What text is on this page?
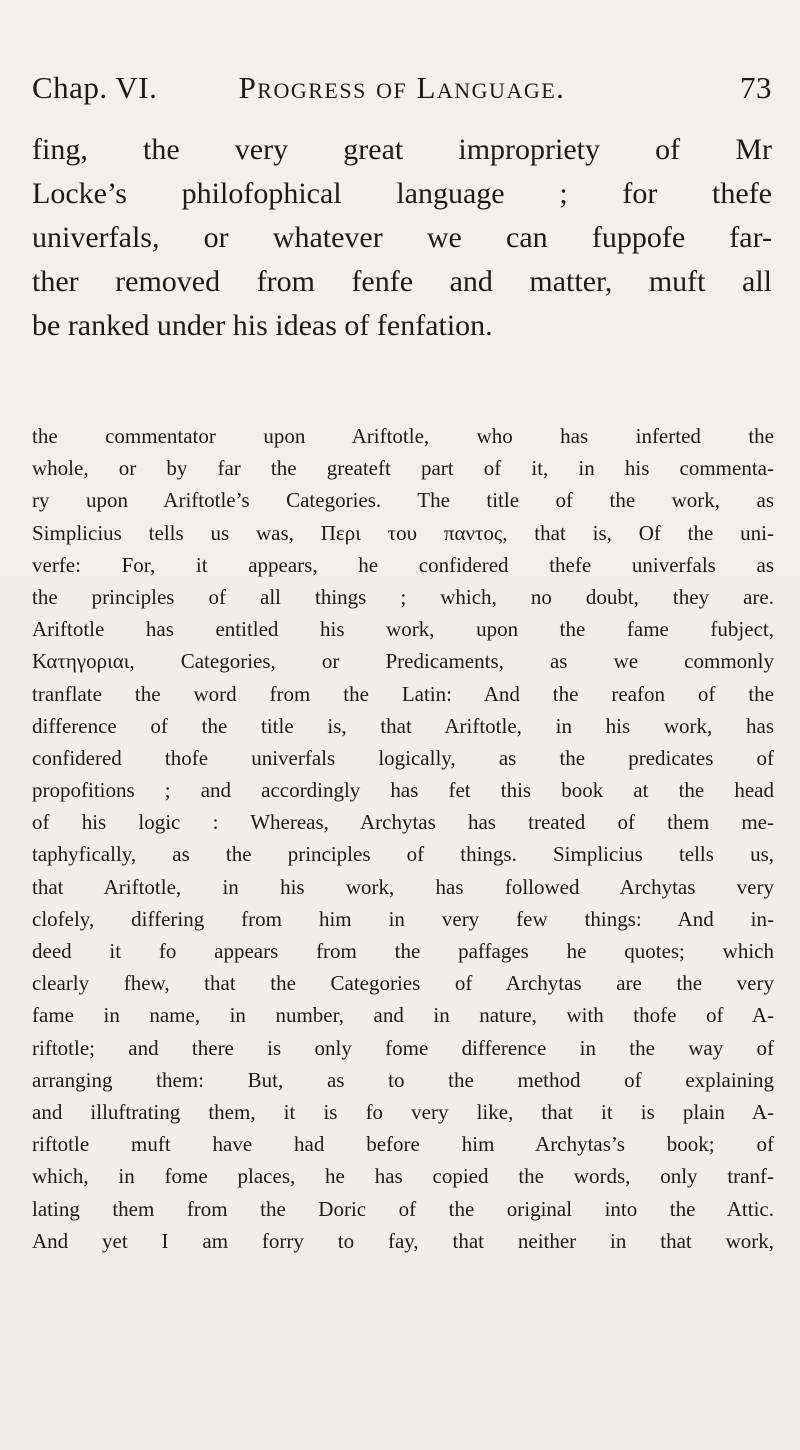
Chap. VI.	Progress of Language.	73
fing, the very great impropriety of Mr
Locke’s philofophical language ; for thefe
univerfals, or whatever we can fuppofe far-
ther removed from fenfe and matter, muft all
be ranked under his ideas of fenfation.
the commentator upon Ariftotle, who has inferted the
whole, or by far the greateft part of it, in his commenta-
ry upon Ariftotle’s Categories. The title of the work, as
Simplicius tells us was, Περι του παντος, that is, Of the uni-
verfe: For, it appears, he confidered thefe univerfals as
the principles of all things ; which, no doubt, they are.
Ariftotle has entitled his work, upon the fame fubject,
Κατηγοριαι, Categories, or Predicaments, as we commonly
tranflate the word from the Latin: And the reafon of the
difference of the title is, that Ariftotle, in his work, has
confidered thofe univerfals logically, as the predicates of
propofitions ; and accordingly has fet this book at the head
of his logic : Whereas, Archytas has treated of them me-
taphyfically, as the principles of things. Simplicius tells us,
that Ariftotle, in his work, has followed Archytas very
clofely, differing from him in very few things: And in-
deed it fo appears from the paffages he quotes; which
clearly fhew, that the Categories of Archytas are the very
fame in name, in number, and in nature, with thofe of A-
riftotle; and there is only fome difference in the way of
arranging them: But, as to the method of explaining
and illuftrating them, it is fo very like, that it is plain A-
riftotle muft have had before him Archytas’s book; of
which, in fome places, he has copied the words, only tranf-
lating them from the Doric of the original into the Attic.
And yet I am forry to fay, that neither in that work,
